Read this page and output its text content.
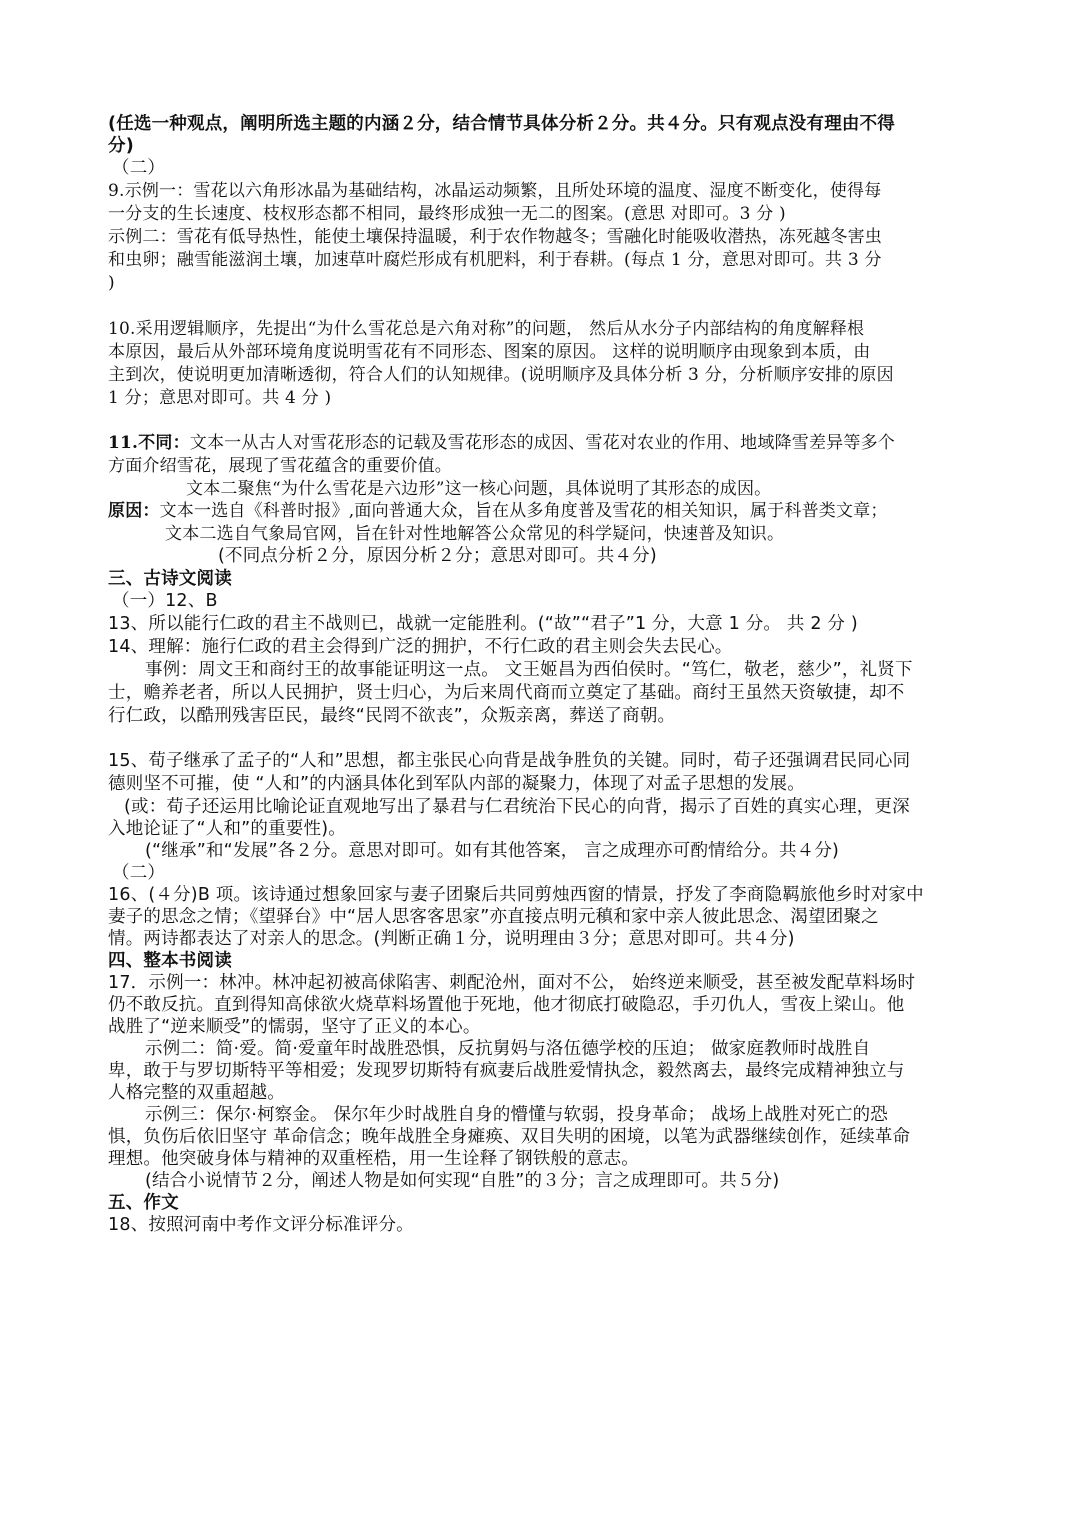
(任选一种观点，阐明所选主题的内涵２分，结合情节具体分析２分。共４分。只有观点没有理由不得
分)
（二）
9.示例一：雪花以六角形冰晶为基础结构，冰晶运动频繁，且所处环境的温度、湿度不断变化，使得每
一分支的生长速度、枝杈形态都不相同，最终形成独一无二的图案。(意思 对即可。3 分 )
示例二：雪花有低导热性，能使土壤保持温暖，利于农作物越冬；雪融化时能吸收潜热，冻死越冬害虫
和虫卵；融雪能滋润土壤，加速草叶腐烂形成有机肥料，利于春耕。(每点 1 分，意思对即可。共 3 分
)
10.采用逻辑顺序，先提出“为什么雪花总是六角对称”的问题， 然后从水分子内部结构的角度解释根
本原因，最后从外部环境角度说明雪花有不同形态、图案的原因。 这样的说明顺序由现象到本质，由
主到次，使说明更加清晰透彻，符合人们的认知规律。(说明顺序及具体分析 3 分，分析顺序安排的原因
1 分；意思对即可。共 4 分 )
11.不同：文本一从古人对雪花形态的记载及雪花形态的成因、雪花对农业的作用、地域降雪差异等多个
方面介绍雪花，展现了雪花蕴含的重要价值。
文本二聚焦“为什么雪花是六边形”这一核心问题，具体说明了其形态的成因。
原因：文本一选自《科普时报》,面向普通大众，旨在从多角度普及雪花的相关知识，属于科普类文章；
文本二选自气象局官网，旨在针对性地解答公众常见的科学疑问，快速普及知识。
(不同点分析２分，原因分析２分；意思对即可。共４分)
三、古诗文阅读
（一）12、B
13、所以能行仁政的君主不战则已，战就一定能胜利。(“故”“君子”1 分，大意 1 分。 共 2 分 )
14、理解：施行仁政的君主会得到广泛的拥护，不行仁政的君主则会失去民心。
事例：周文王和商纣王的故事能证明这一点。 文王姬昌为西伯侯时。“笃仁，敬老，慈少”，礼贤下
士，赡养老者，所以人民拥护，贤士归心，为后来周代商而立奠定了基础。商纣王虽然天资敏捷，却不
行仁政，以酷刑残害臣民，最终“民罔不欲丧”，众叛亲离，葬送了商朝。
15、荀子继承了孟子的“人和”思想，都主张民心向背是战争胜负的关键。同时，荀子还强调君民同心同
德则坚不可摧，使 “人和”的内涵具体化到军队内部的凝聚力，体现了对孟子思想的发展。
(或：荀子还运用比喻论证直观地写出了暴君与仁君统治下民心的向背，揭示了百姓的真实心理，更深
入地论证了“人和”的重要性)。
(“继承”和“发展”各２分。意思对即可。如有其他答案， 言之成理亦可酌情给分。共４分)
（二）
16、(４分)B 项。该诗通过想象回家与妻子团聚后共同剪烛西窗的情景，抒发了李商隐羁旅他乡时对家中
妻子的思念之情；《望驿台》中“居人思客客思家”亦直接点明元稹和家中亲人彼此思念、渴望团聚之
情。两诗都表达了对亲人的思念。(判断正确１分，说明理由３分；意思对即可。共４分)
四、整本书阅读
17．示例一：林冲。林冲起初被高俅陷害、刺配沧州，面对不公， 始终逆来顺受，甚至被发配草料场时
仍不敢反抗。直到得知高俅欲火烧草料场置他于死地，他才彻底打破隐忍，手刃仇人，雪夜上梁山。他
战胜了“逆来顺受”的懦弱，坚守了正义的本心。
示例二：简·爱。简·爱童年时战胜恐惧，反抗舅妈与洛伍德学校的压迫； 做家庭教师时战胜自
卑，敢于与罗切斯特平等相爱；发现罗切斯特有疯妻后战胜爱情执念，毅然离去，最终完成精神独立与
人格完整的双重超越。
示例三：保尔·柯察金。 保尔年少时战胜自身的懵懂与软弱，投身革命； 战场上战胜对死亡的恐
惧，负伤后依旧坚守 革命信念；晚年战胜全身瘫痪、双目失明的困境，以笔为武器继续创作，延续革命
理想。他突破身体与精神的双重桎梏，用一生诠释了钢铁般的意志。
(结合小说情节２分，阐述人物是如何实现“自胜”的３分；言之成理即可。共５分)
五、作文
18、按照河南中考作文评分标准评分。
